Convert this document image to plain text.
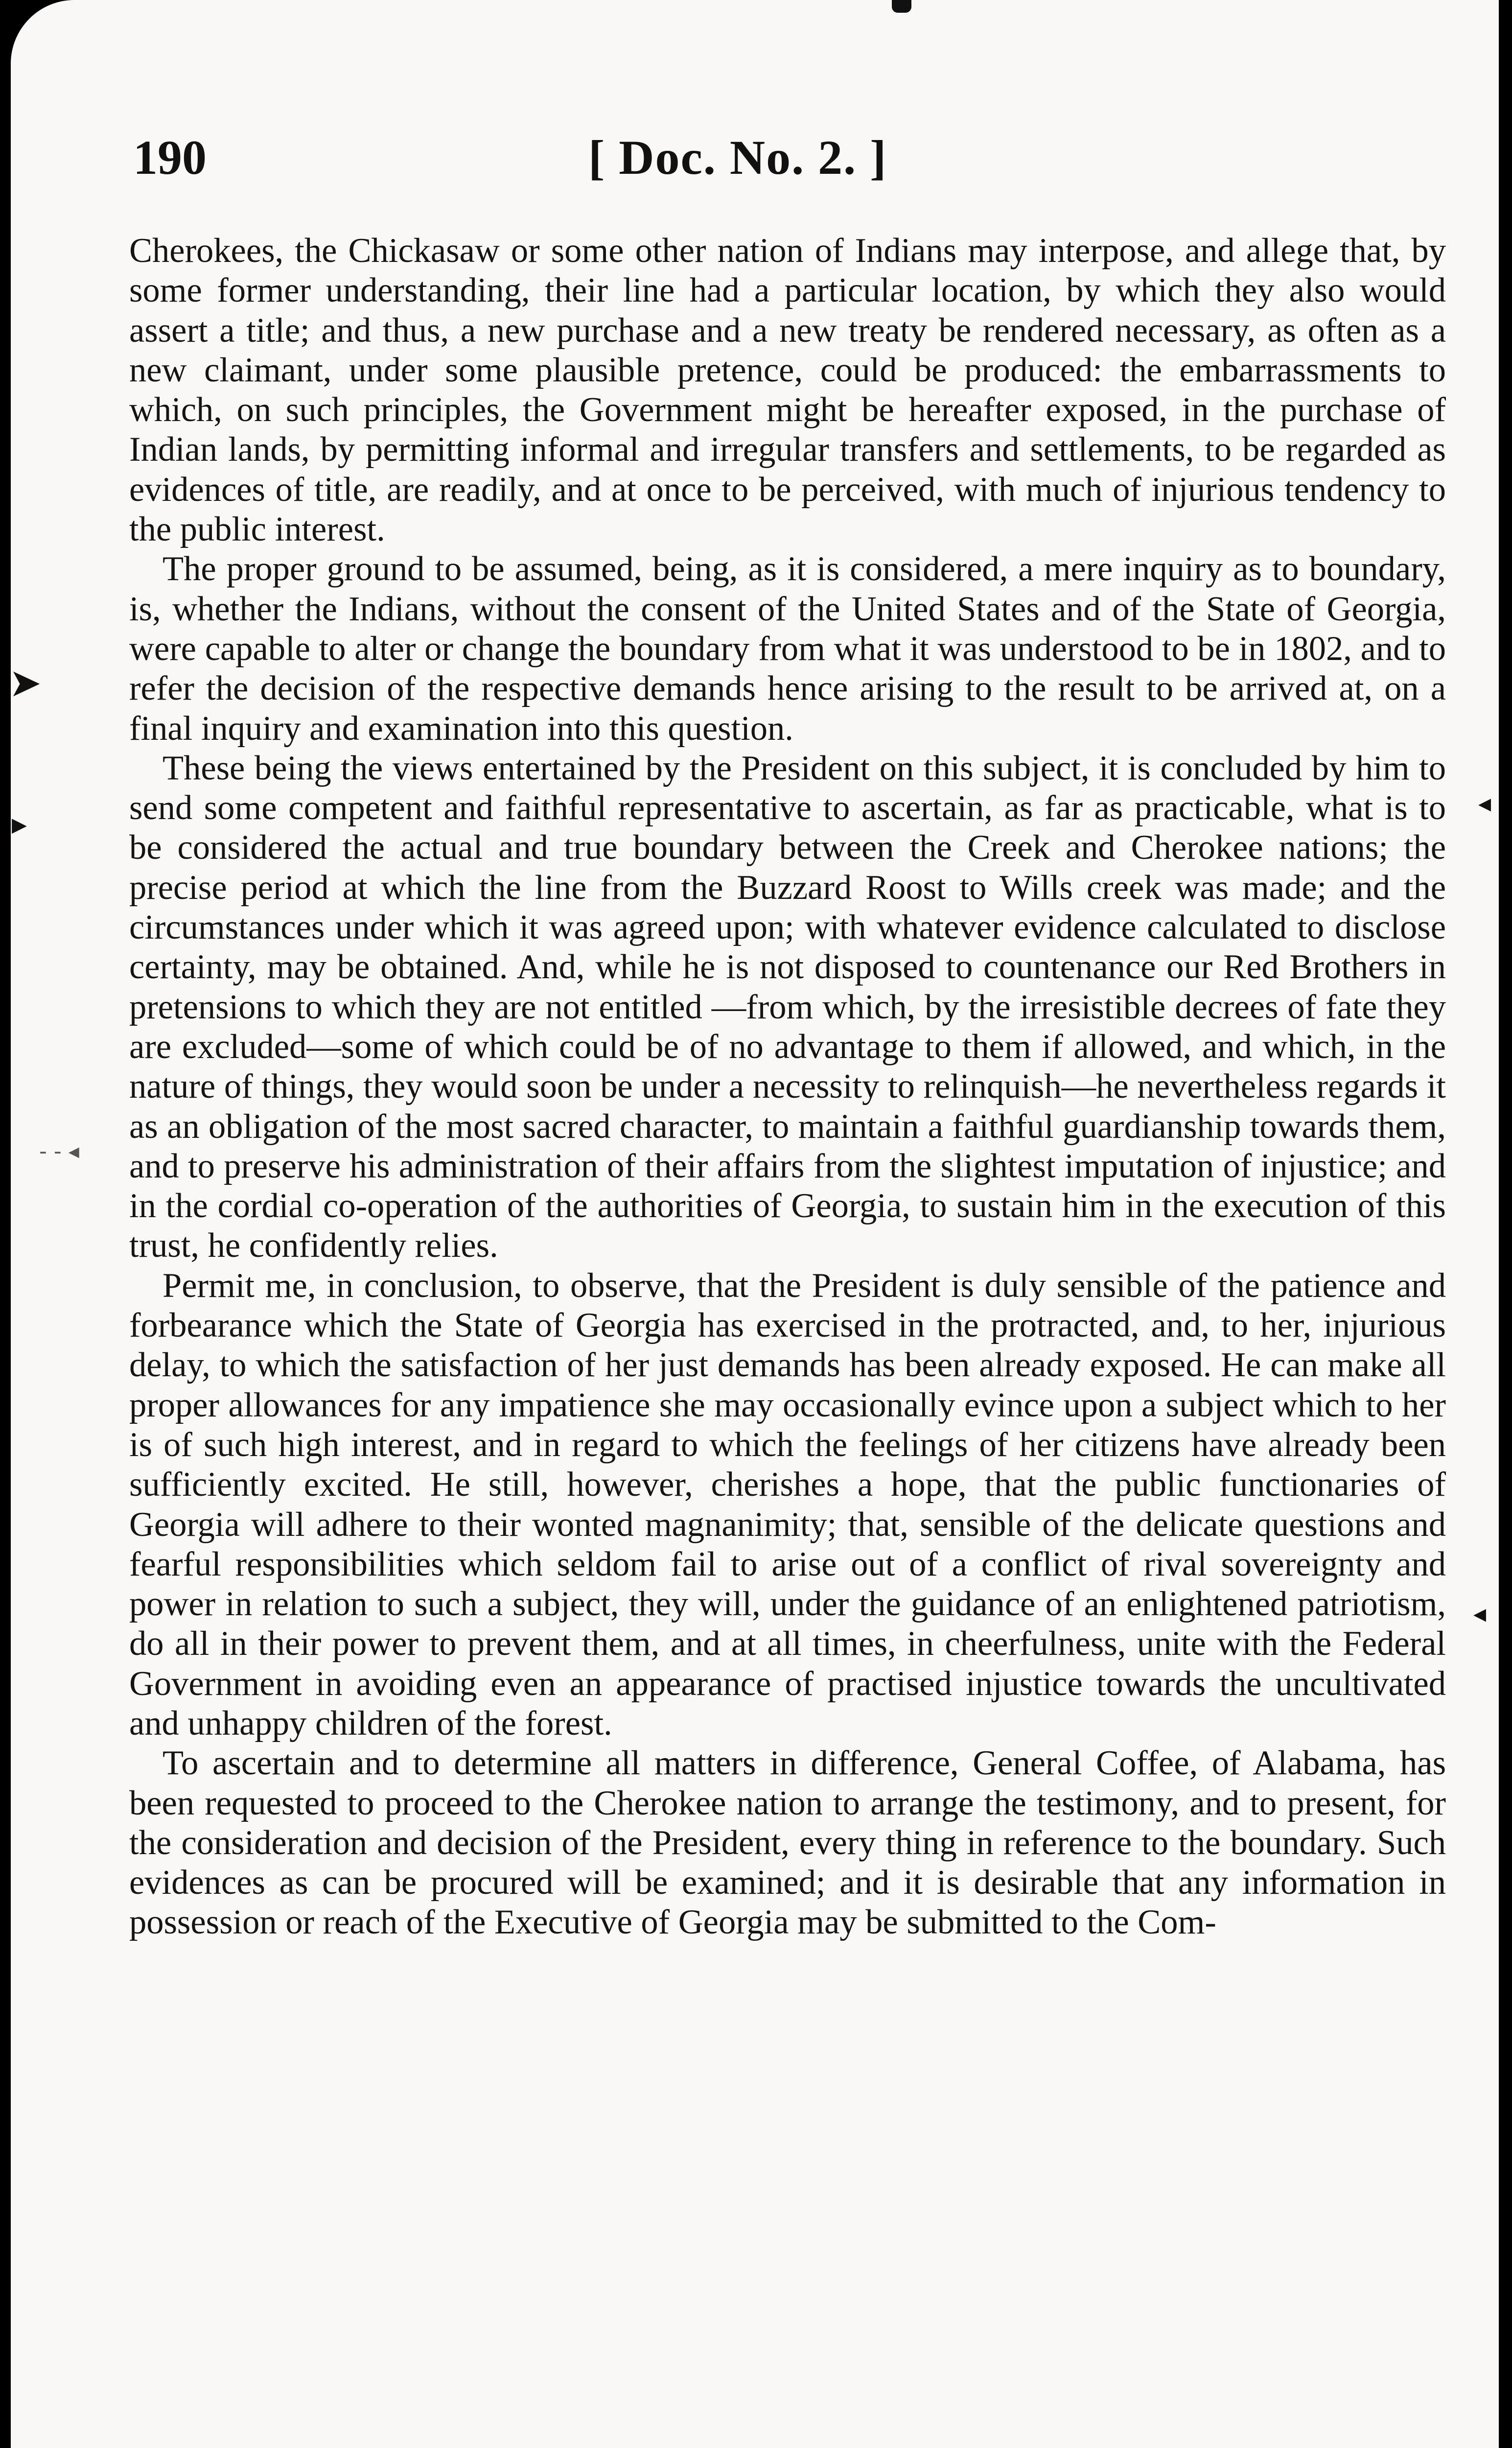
190	[ Doc. No. 2. ]

Cherokees, the Chickasaw or some other nation of Indians may interpose, and allege that, by some former understanding, their line had a particular location, by which they also would assert a title; and thus, a new purchase and a new treaty be rendered necessary, as often as a new claimant, under some plausible pretence, could be produced: the embarrassments to which, on such principles, the Government might be hereafter exposed, in the purchase of Indian lands, by permitting informal and irregular transfers and settlements, to be regarded as evidences of title, are readily, and at once to be perceived, with much of injurious tendency to the public interest.

The proper ground to be assumed, being, as it is considered, a mere inquiry as to boundary, is, whether the Indians, without the consent of the United States and of the State of Georgia, were capable to alter or change the boundary from what it was understood to be in 1802, and to refer the decision of the respective demands hence arising to the result to be arrived at, on a final inquiry and examination into this question.

These being the views entertained by the President on this subject, it is concluded by him to send some competent and faithful representative to ascertain, as far as practicable, what is to be considered the actual and true boundary between the Creek and Cherokee nations; the precise period at which the line from the Buzzard Roost to Wills creek was made; and the circumstances under which it was agreed upon; with whatever evidence calculated to disclose certainty, may be obtained. And, while he is not disposed to countenance our Red Brothers in pretensions to which they are not entitled —from which, by the irresistible decrees of fate they are excluded—some of which could be of no advantage to them if allowed, and which, in the nature of things, they would soon be under a necessity to relinquish—he nevertheless regards it as an obligation of the most sacred character, to maintain a faithful guardianship towards them, and to preserve his administration of their affairs from the slightest imputation of injustice; and in the cordial co-operation of the authorities of Georgia, to sustain him in the execution of this trust, he confidently relies.

Permit me, in conclusion, to observe, that the President is duly sensible of the patience and forbearance which the State of Georgia has exercised in the protracted, and, to her, injurious delay, to which the satisfaction of her just demands has been already exposed. He can make all proper allowances for any impatience she may occasionally evince upon a subject which to her is of such high interest, and in regard to which the feelings of her citizens have already been sufficiently excited. He still, however, cherishes a hope, that the public functionaries of Georgia will adhere to their wonted magnanimity; that, sensible of the delicate questions and fearful responsibilities which seldom fail to arise out of a conflict of rival sovereignty and power in relation to such a subject, they will, under the guidance of an enlightened patriotism, do all in their power to prevent them, and at all times, in cheerfulness, unite with the Federal Government in avoiding even an appearance of practised injustice towards the uncultivated and unhappy children of the forest.

To ascertain and to determine all matters in difference, General Coffee, of Alabama, has been requested to proceed to the Cherokee nation to arrange the testimony, and to present, for the consideration and decision of the President, every thing in reference to the boundary. Such evidences as can be procured will be examined; and it is desirable that any information in possession or reach of the Executive of Georgia may be submitted to the Com-

➤
▶
‐ ‐ ◂
◂
◂
